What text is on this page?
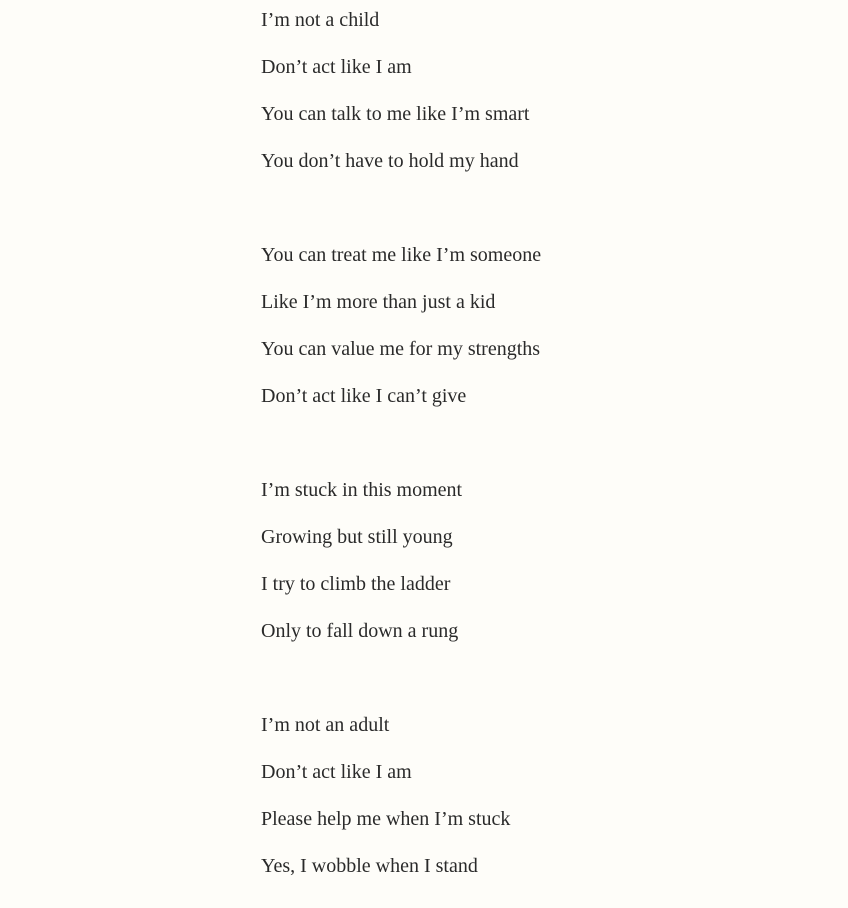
I’m not a child
Don’t act like I am
You can talk to me like I’m smart
You don’t have to hold my hand
You can treat me like I’m someone
Like I’m more than just a kid
You can value me for my strengths
Don’t act like I can’t give
I’m stuck in this moment
Growing but still young
I try to climb the ladder
Only to fall down a rung
I’m not an adult
Don’t act like I am
Please help me when I’m stuck
Yes, I wobble when I stand
